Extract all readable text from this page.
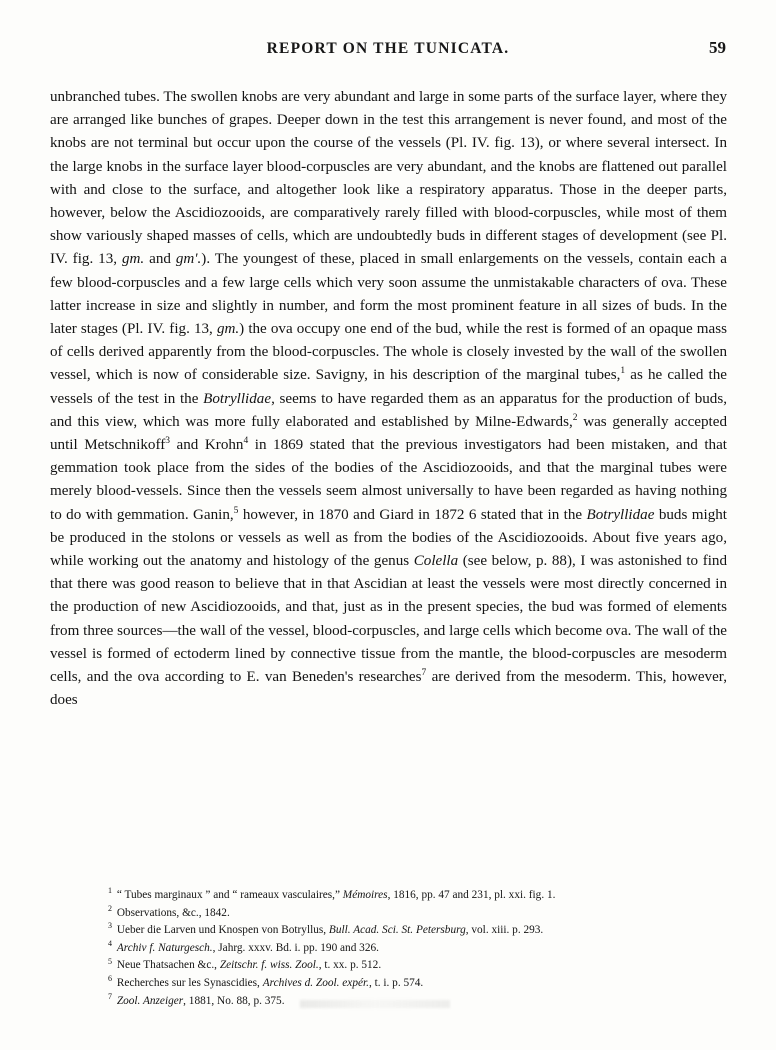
REPORT ON THE TUNICATA.	59
unbranched tubes. The swollen knobs are very abundant and large in some parts of the surface layer, where they are arranged like bunches of grapes. Deeper down in the test this arrangement is never found, and most of the knobs are not terminal but occur upon the course of the vessels (Pl. IV. fig. 13), or where several intersect. In the large knobs in the surface layer blood-corpuscles are very abundant, and the knobs are flattened out parallel with and close to the surface, and altogether look like a respiratory apparatus. Those in the deeper parts, however, below the Ascidiozooids, are comparatively rarely filled with blood-corpuscles, while most of them show variously shaped masses of cells, which are undoubtedly buds in different stages of development (see Pl. IV. fig. 13, gm. and gm'.). The youngest of these, placed in small enlargements on the vessels, contain each a few blood-corpuscles and a few large cells which very soon assume the unmistakable characters of ova. These latter increase in size and slightly in number, and form the most prominent feature in all sizes of buds. In the later stages (Pl. IV. fig. 13, gm.) the ova occupy one end of the bud, while the rest is formed of an opaque mass of cells derived apparently from the blood-corpuscles. The whole is closely invested by the wall of the swollen vessel, which is now of considerable size. Savigny, in his description of the marginal tubes,$^1$ as he called the vessels of the test in the Botryllidae, seems to have regarded them as an apparatus for the production of buds, and this view, which was more fully elaborated and established by Milne-Edwards,$^2$ was generally accepted until Metschnikoff$^3$ and Krohn$^4$ in 1869 stated that the previous investigators had been mistaken, and that gemmation took place from the sides of the bodies of the Ascidiozooids, and that the marginal tubes were merely blood-vessels. Since then the vessels seem almost universally to have been regarded as having nothing to do with gemmation. Ganin,$^5$ however, in 1870 and Giard in 1872 6 stated that in the Botryllidae buds might be produced in the stolons or vessels as well as from the bodies of the Ascidiozooids. About five years ago, while working out the anatomy and histology of the genus Colella (see below, p. 88), I was astonished to find that there was good reason to believe that in that Ascidian at least the vessels were most directly concerned in the production of new Ascidiozooids, and that, just as in the present species, the bud was formed of elements from three sources—the wall of the vessel, blood-corpuscles, and large cells which become ova. The wall of the vessel is formed of ectoderm lined by connective tissue from the mantle, the blood-corpuscles are mesoderm cells, and the ova according to E. van Beneden's researches$^7$ are derived from the mesoderm. This, however, does

$^1$ “ Tubes marginaux ” and “ rameaux vasculaires,” Mémoires, 1816, pp. 47 and 231, pl. xxi. fig. 1.

$^2$ Observations, &c., 1842.

$^3$ Ueber die Larven und Knospen von Botryllus, Bull. Acad. Sci. St. Petersburg, vol. xiii. p. 293.

$^4$ Archiv f. Naturgesch., Jahrg. xxxv. Bd. i. pp. 190 and 326.

$^5$ Neue Thatsachen &c., Zeitschr. f. wiss. Zool., t. xx. p. 512.

$^6$ Recherches sur les Synascidies, Archives d. Zool. expér., t. i. p. 574.

$^7$ Zool. Anzeiger, 1881, No. 88, p. 375.
